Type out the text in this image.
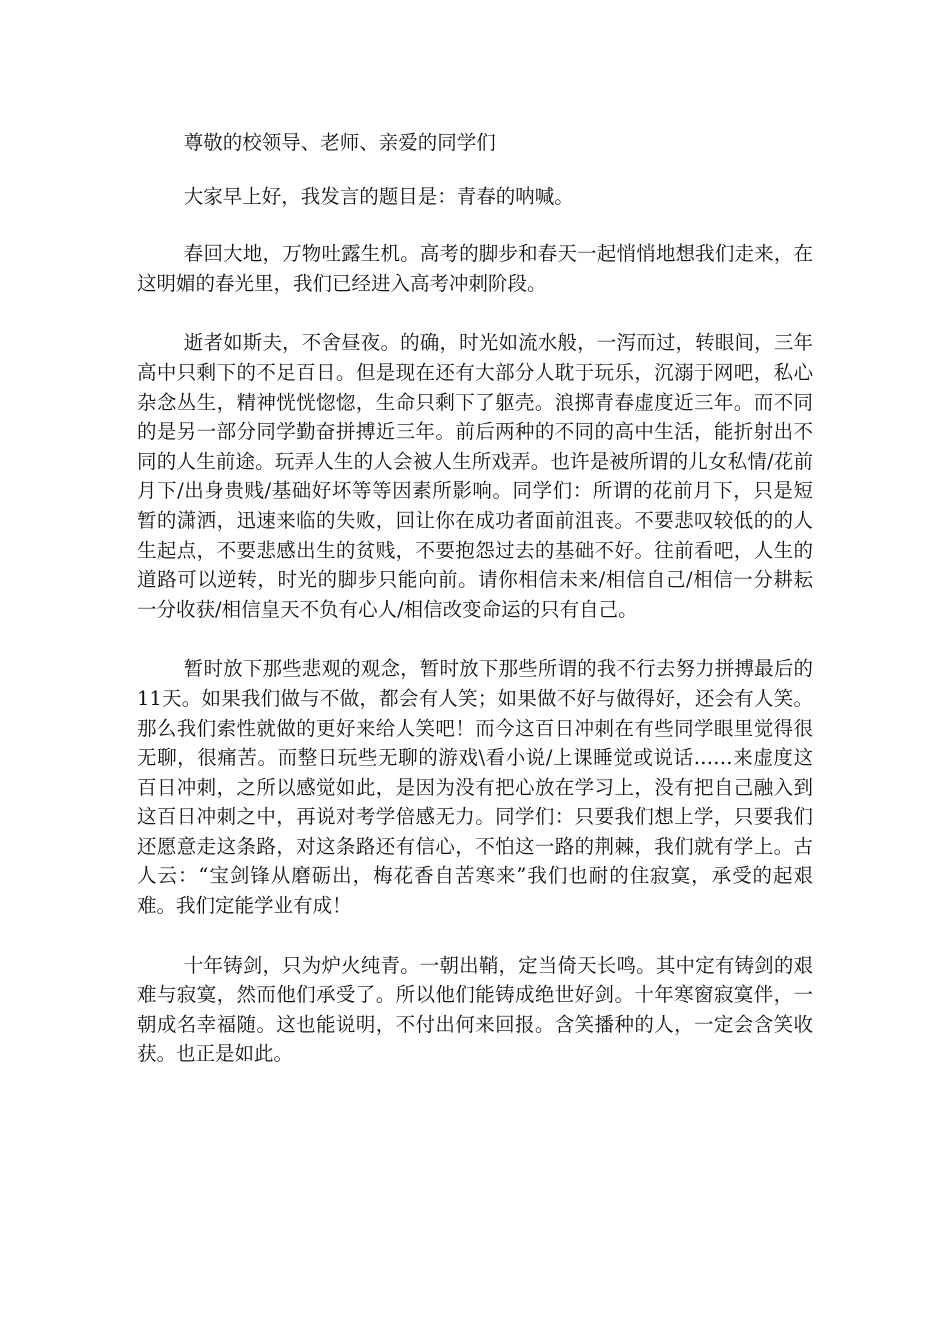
尊敬的校领导、老师、亲爱的同学们

大家早上好，我发言的题目是：青春的呐喊。

春回大地，万物吐露生机。高考的脚步和春天一起悄悄地想我们走来，在这明媚的春光里，我们已经进入高考冲刺阶段。

逝者如斯夫，不舍昼夜。的确，时光如流水般，一泻而过，转眼间，三年高中只剩下的不足百日。但是现在还有大部分人耽于玩乐，沉溺于网吧，私心杂念丛生，精神恍恍惚惚，生命只剩下了躯壳。浪掷青春虚度近三年。而不同的是另一部分同学勤奋拼搏近三年。前后两种的不同的高中生活，能折射出不同的人生前途。玩弄人生的人会被人生所戏弄。也许是被所谓的儿女私情/花前月下/出身贵贱/基础好坏等等因素所影响。同学们：所谓的花前月下，只是短暂的潇洒，迅速来临的失败，回让你在成功者面前沮丧。不要悲叹较低的的人生起点，不要悲感出生的贫贱，不要抱怨过去的基础不好。往前看吧，人生的道路可以逆转，时光的脚步只能向前。请你相信未来/相信自己/相信一分耕耘一分收获/相信皇天不负有心人/相信改变命运的只有自己。

暂时放下那些悲观的观念，暂时放下那些所谓的我不行去努力拼搏最后的11天。如果我们做与不做，都会有人笑；如果做不好与做得好，还会有人笑。那么我们索性就做的更好来给人笑吧！而今这百日冲刺在有些同学眼里觉得很无聊，很痛苦。而整日玩些无聊的游戏\看小说/上课睡觉或说话……来虚度这百日冲刺，之所以感觉如此，是因为没有把心放在学习上，没有把自己融入到这百日冲刺之中，再说对考学倍感无力。同学们：只要我们想上学，只要我们还愿意走这条路，对这条路还有信心，不怕这一路的荆棘，我们就有学上。古人云：“宝剑锋从磨砺出，梅花香自苦寒来”我们也耐的住寂寞，承受的起艰难。我们定能学业有成！

十年铸剑，只为炉火纯青。一朝出鞘，定当倚天长鸣。其中定有铸剑的艰难与寂寞，然而他们承受了。所以他们能铸成绝世好剑。十年寒窗寂寞伴，一朝成名幸福随。这也能说明，不付出何来回报。含笑播种的人，一定会含笑收获。也正是如此。
